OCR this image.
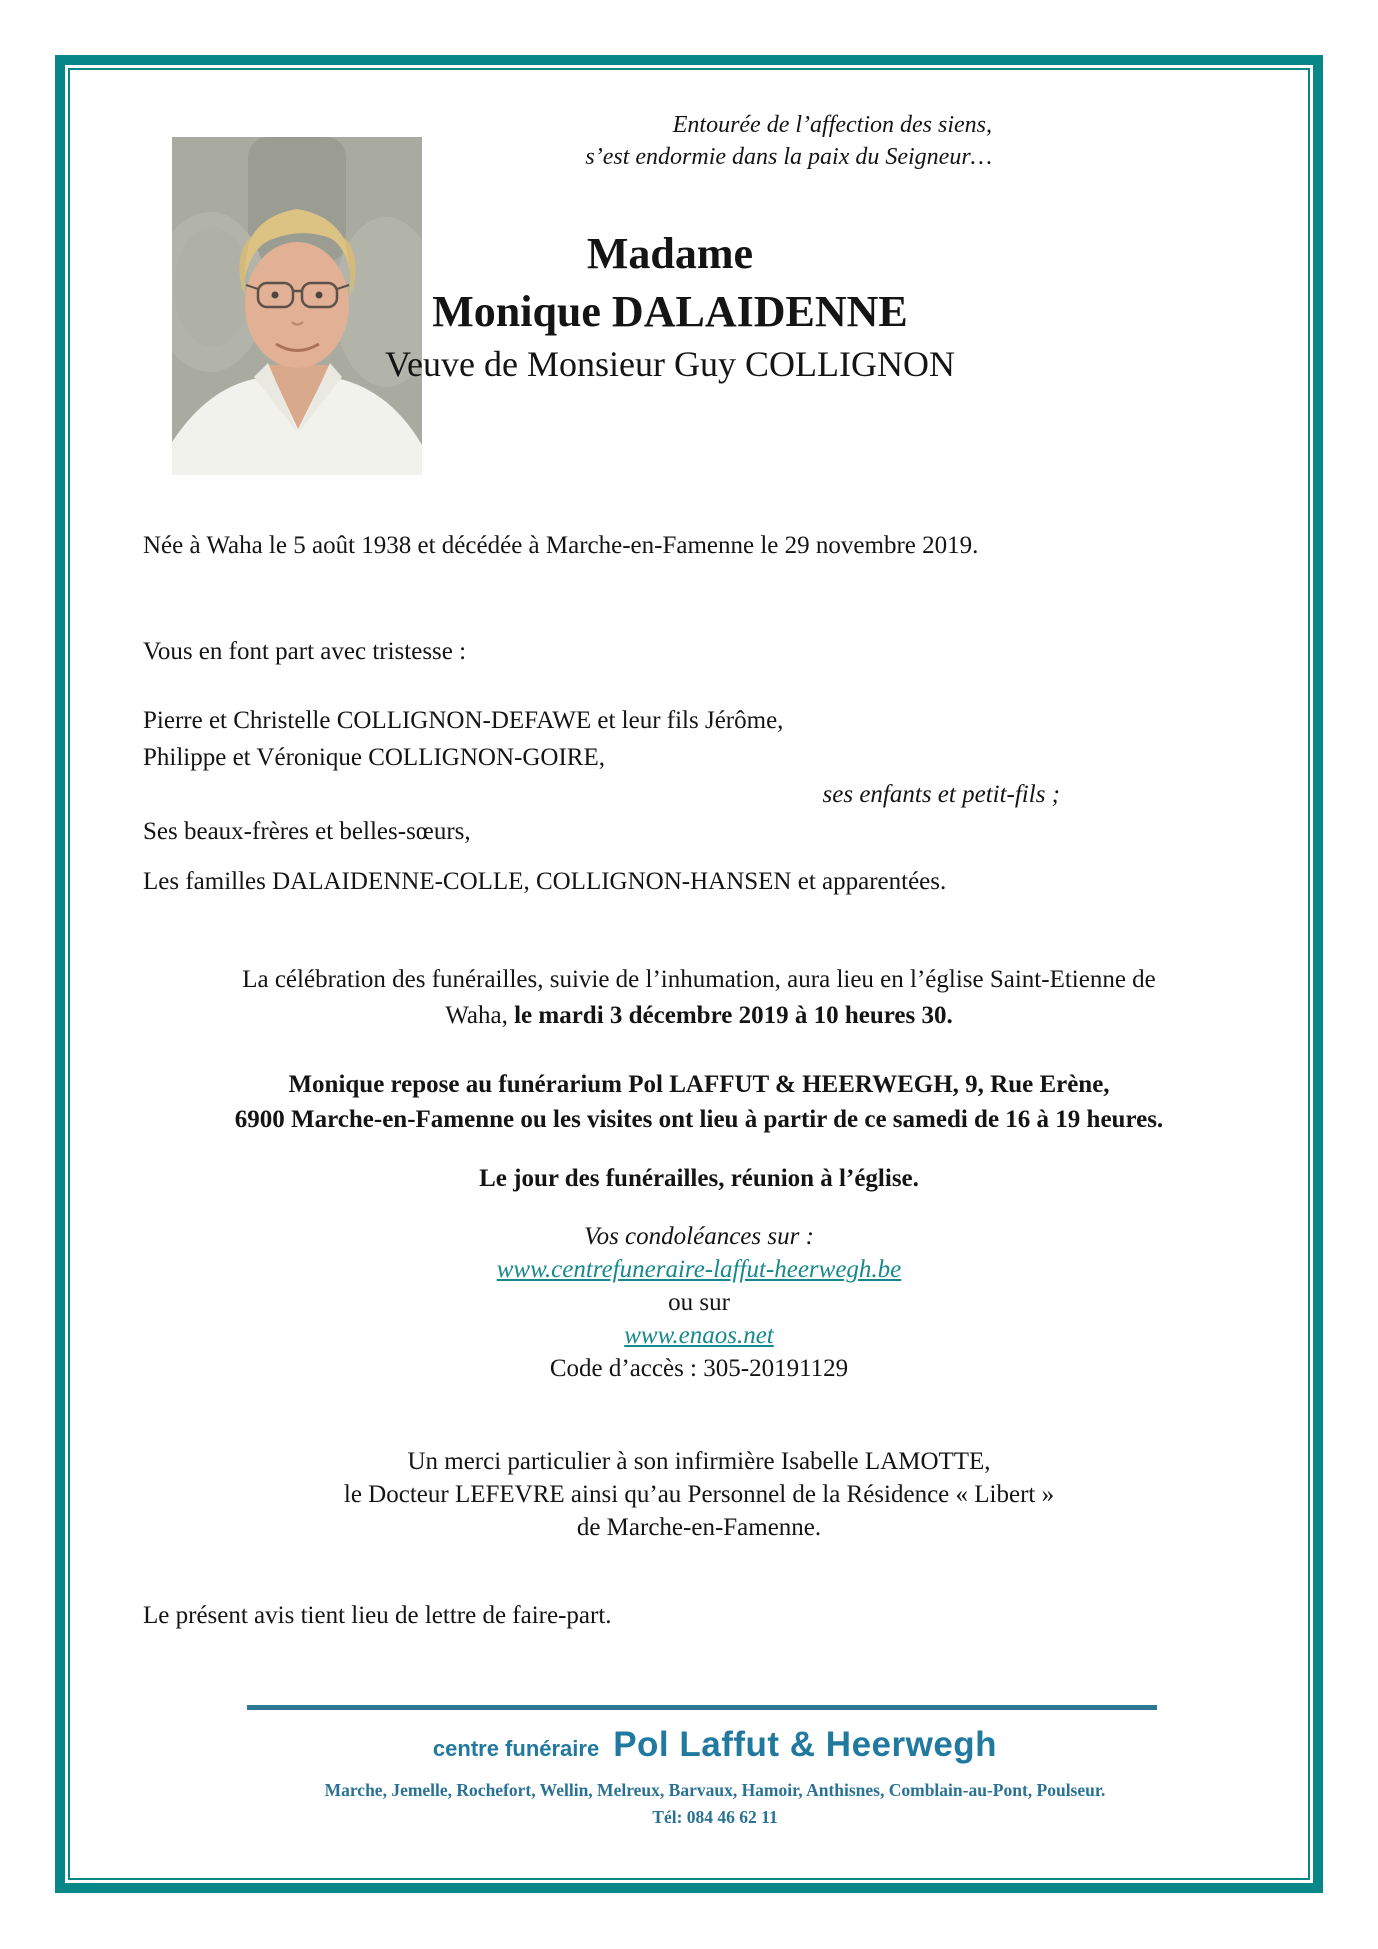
Entourée de l’affection des siens,
s’est endormie dans la paix du Seigneur…
Madame
Monique DALAIDENNE
Veuve de Monsieur Guy COLLIGNON
Née à Waha le 5 août 1938 et décédée à Marche-en-Famenne le 29 novembre 2019.
Vous en font part avec tristesse :
Pierre et Christelle COLLIGNON-DEFAWE et leur fils Jérôme,
Philippe et Véronique COLLIGNON-GOIRE,
ses enfants et petit-fils ;
Ses beaux-frères et belles-sœurs,
Les familles DALAIDENNE-COLLE, COLLIGNON-HANSEN et apparentées.
La célébration des funérailles, suivie de l’inhumation, aura lieu en l’église Saint-Etienne de
Waha, le mardi 3 décembre 2019 à 10 heures 30.
Monique repose au funérarium Pol LAFFUT & HEERWEGH, 9, Rue Erène,
6900 Marche-en-Famenne ou les visites ont lieu à partir de ce samedi de 16 à 19 heures.
Le jour des funérailles, réunion à l’église.
Vos condoléances sur :
www.centrefuneraire-laffut-heerwegh.be
ou sur
www.enaos.net
Code d’accès : 305-20191129
Un merci particulier à son infirmière Isabelle LAMOTTE,
le Docteur LEFEVRE ainsi qu’au Personnel de la Résidence « Libert »
de Marche-en-Famenne.
Le présent avis tient lieu de lettre de faire-part.
centre funéraire Pol Laffut & Heerwegh
Marche, Jemelle, Rochefort, Wellin, Melreux, Barvaux, Hamoir, Anthisnes, Comblain-au-Pont, Poulseur.
Tél: 084 46 62 11
